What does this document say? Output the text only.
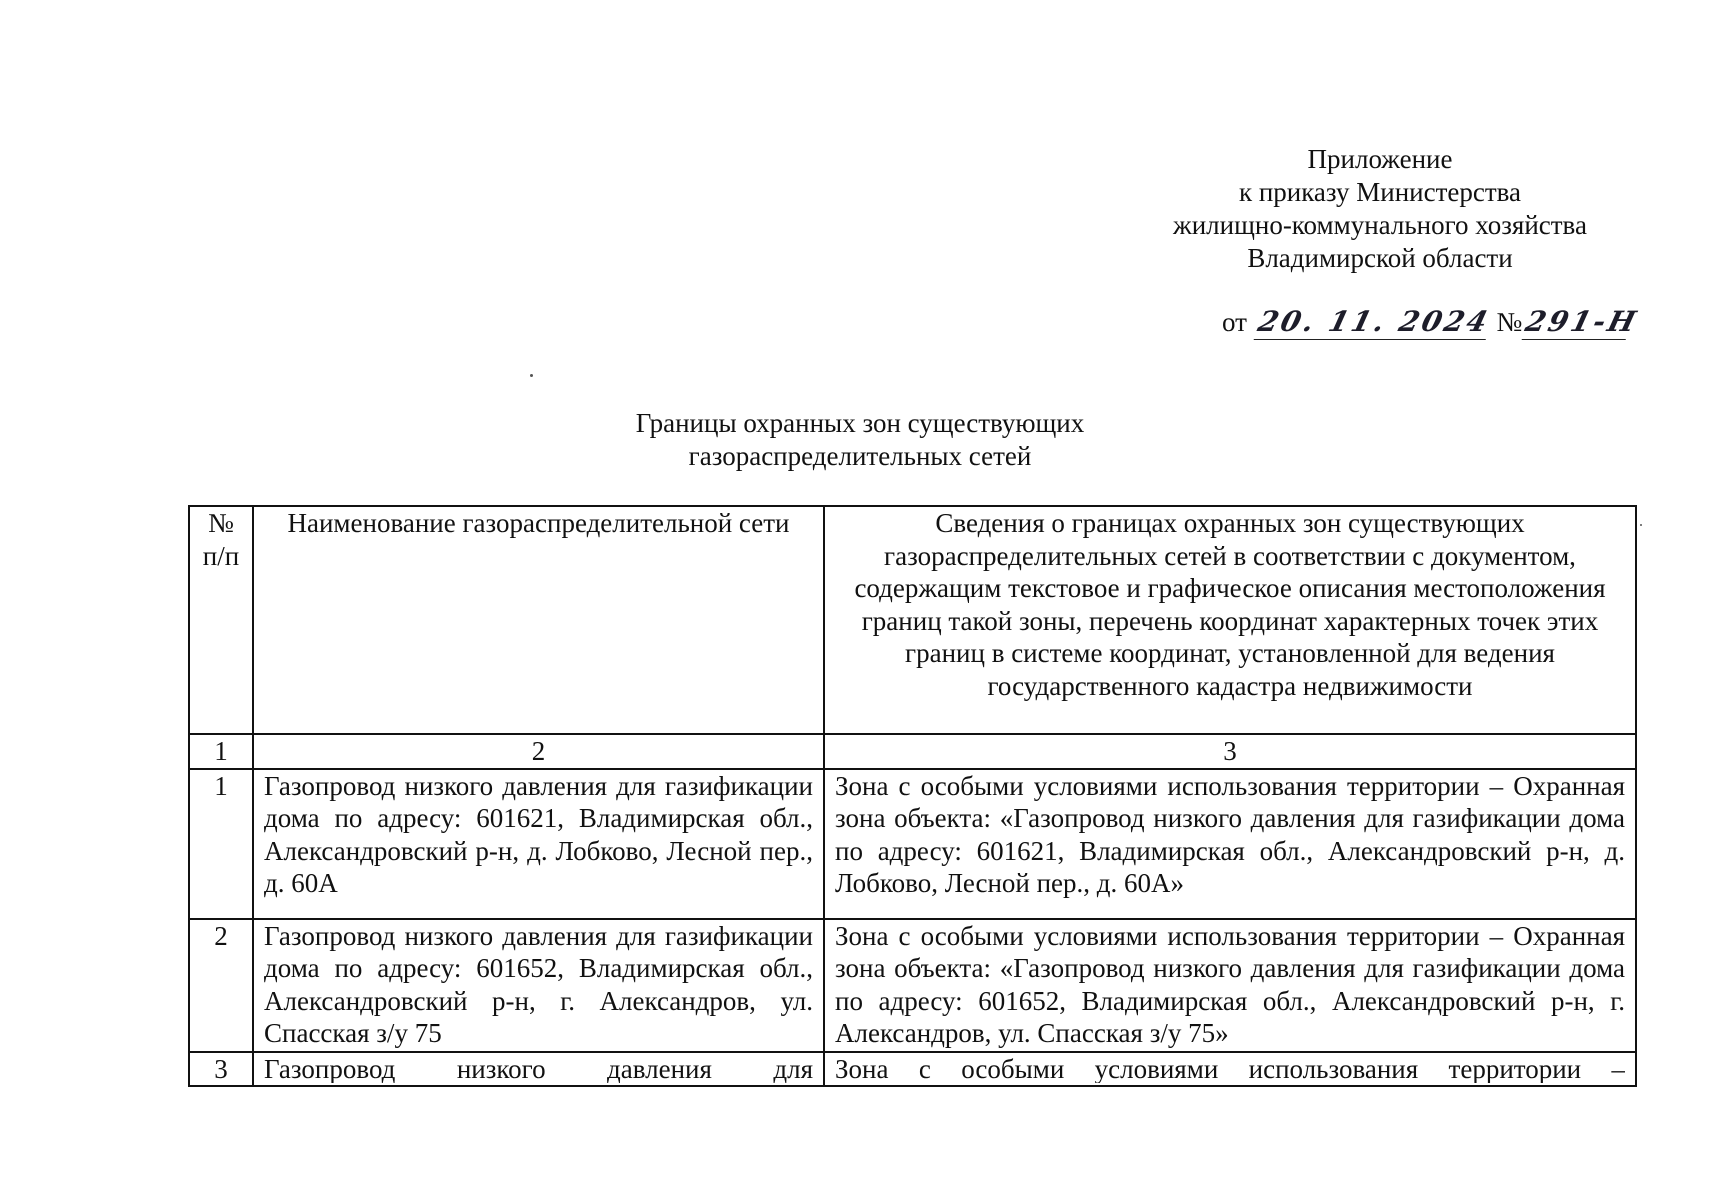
Приложение
к приказу Министерства
жилищно-коммунального хозяйства
Владимирской области
от 20. 11. 2024 №291-Н
Границы охранных зон существующих
газораспределительных сетей
№ п/п	Наименование газораспределительной сети	Сведения о границах охранных зон существующих газораспределительных сетей в соответствии с документом, содержащим текстовое и графическое описания местоположения границ такой зоны, перечень координат характерных точек этих границ в системе координат, установленной для ведения государственного кадастра недвижимости
1	2	3
1	Газопровод низкого давления для газификации дома по адресу: 601621, Владимирская обл., Александровский р-н, д. Лобково, Лесной пер., д. 60А	Зона с особыми условиями использования территории – Охранная зона объекта: «Газопровод низкого давления для газификации дома по адресу: 601621, Владимирская обл., Александровский р-н, д. Лобково, Лесной пер., д. 60А»
2	Газопровод низкого давления для газификации дома по адресу: 601652, Владимирская обл., Александровский р-н, г. Александров, ул. Спасская з/у 75	Зона с особыми условиями использования территории – Охранная зона объекта: «Газопровод низкого давления для газификации дома по адресу: 601652, Владимирская обл., Александровский р-н, г. Александров, ул. Спасская з/у 75»
3	Газопровод низкого давления для	Зона с особыми условиями использования территории –
